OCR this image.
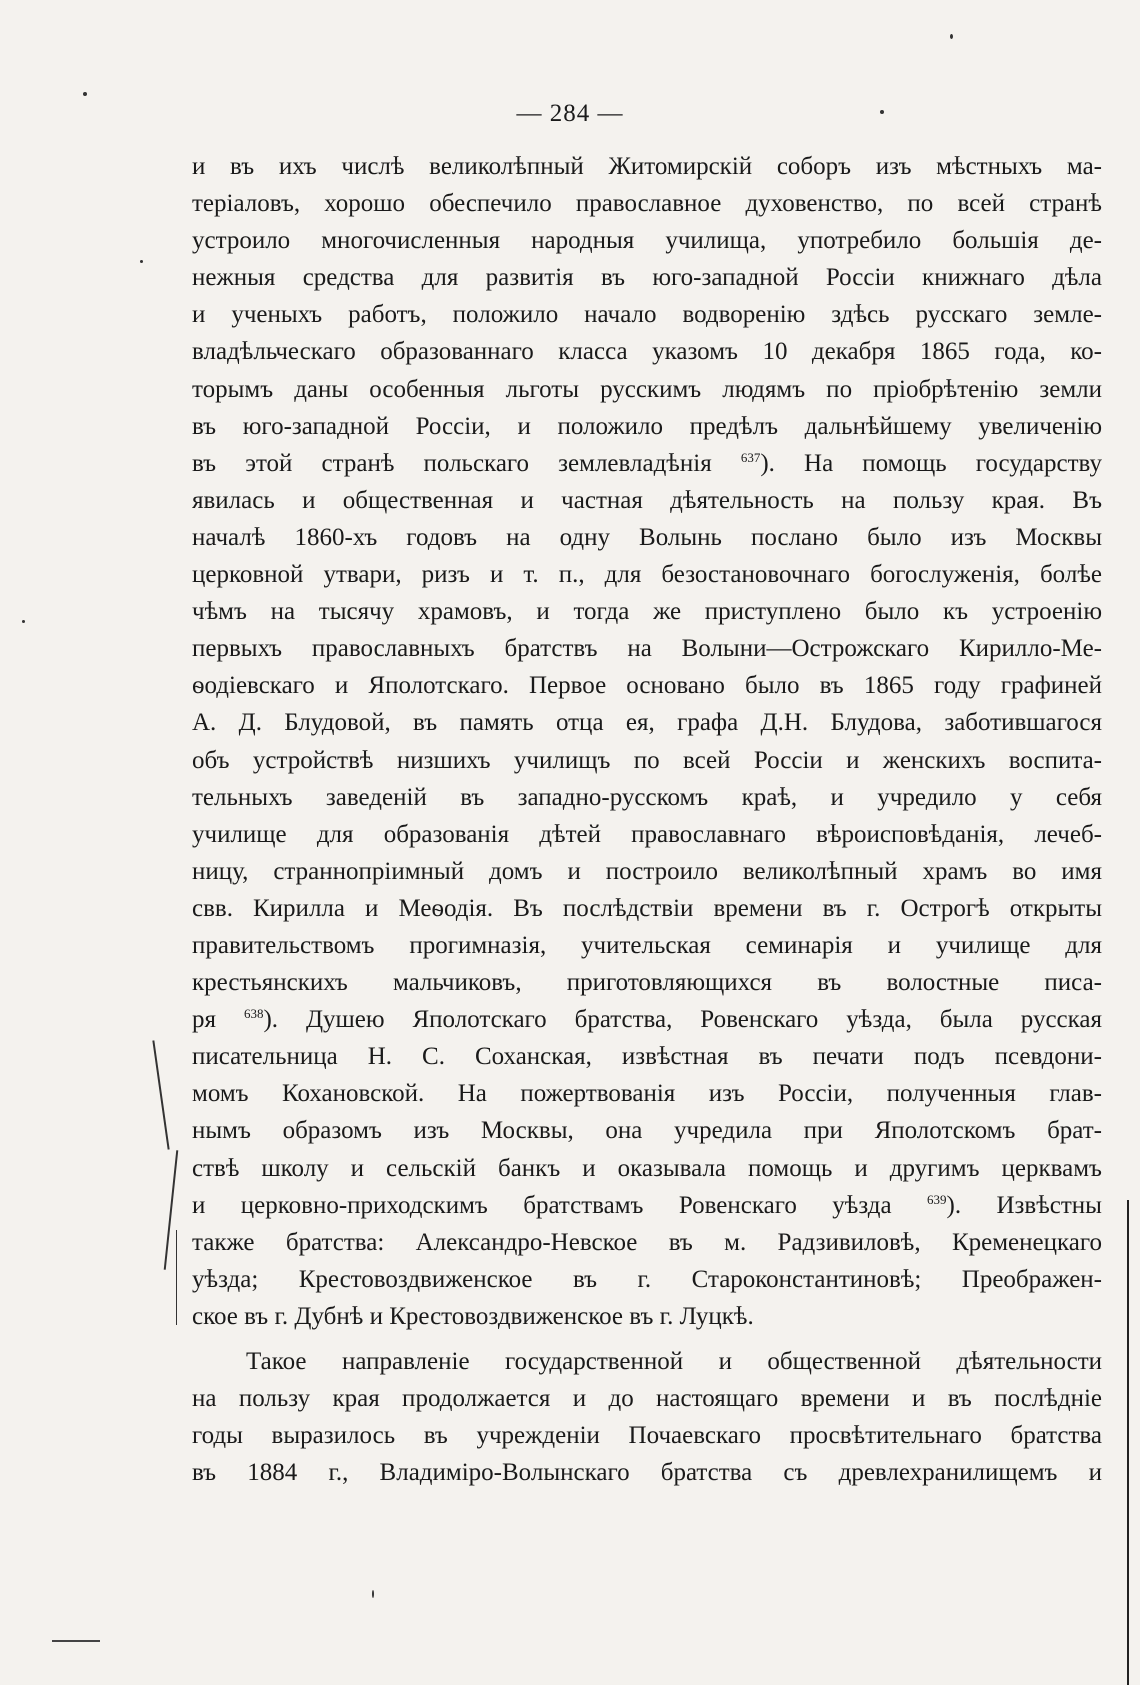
— 284 —
и въ ихъ числѣ великолѣпный Житомирскій соборъ изъ мѣстныхъ ма-
теріаловъ, хорошо обеспечило православное духовенство, по всей странѣ
устроило многочисленныя народныя училища, употребило большія де-
нежныя средства для развитія въ юго-западной Россіи книжнаго дѣла
и ученыхъ работъ, положило начало водворенію здѣсь русскаго земле-
владѣльческаго образованнаго класса указомъ 10 декабря 1865 года, ко-
торымъ даны особенныя льготы русскимъ людямъ по пріобрѣтенію земли
въ юго-западной Россіи, и положило предѣлъ дальнѣйшему увеличенію
въ этой странѣ польскаго землевладѣнія $^{637}$). На помощь государству
явилась и общественная и частная дѣятельность на пользу края. Въ
началѣ 1860-хъ годовъ на одну Волынь послано было изъ Москвы
церковной утвари, ризъ и т. п., для безостановочнаго богослуженія, болѣе
чѣмъ на тысячу храмовъ, и тогда же приступлено было къ устроенію
первыхъ православныхъ братствъ на Волыни—Острожскаго Кирилло-Ме-
ѳодіевскаго и Яполотскаго. Первое основано было въ 1865 году графиней
А. Д. Блудовой, въ память отца ея, графа Д.Н. Блудова, заботившагося
объ устройствѣ низшихъ училищъ по всей Россіи и женскихъ воспита-
тельныхъ заведеній въ западно-русскомъ краѣ, и учредило у себя
училище для образованія дѣтей православнаго вѣроисповѣданія, лечеб-
ницу, страннопріимный домъ и построило великолѣпный храмъ во имя
свв. Кирилла и Меѳодія. Въ послѣдствіи времени въ г. Острогѣ открыты
правительствомъ прогимназія, учительская семинарія и училище для
крестьянскихъ мальчиковъ, приготовляющихся въ волостные писа-
ря $^{638}$). Душею Яполотскаго братства, Ровенскаго уѣзда, была русская
писательница Н. С. Соханская, извѣстная въ печати подъ псевдони-
момъ Кохановской. На пожертвованія изъ Россіи, полученныя глав-
нымъ образомъ изъ Москвы, она учредила при Яполотскомъ брат-
ствѣ школу и сельскій банкъ и оказывала помощь и другимъ церквамъ
и церковно-приходскимъ братствамъ Ровенскаго уѣзда	$^{639}$). Извѣстны
также братства: Александро-Невское въ м. Радзивиловѣ, Кременецкаго
уѣзда; Крестовоздвиженское въ г. Староконстантиновѣ; Преображен-
ское въ г. Дубнѣ и Крестовоздвиженское въ г. Луцкѣ.
Такое направленіе государственной и общественной дѣятельности
на пользу края продолжается и до настоящаго времени и въ послѣдніе
годы выразилось въ учрежденіи Почаевскаго просвѣтительнаго братства
въ 1884 г., Владиміро-Волынскаго братства съ древлехранилищемъ и
